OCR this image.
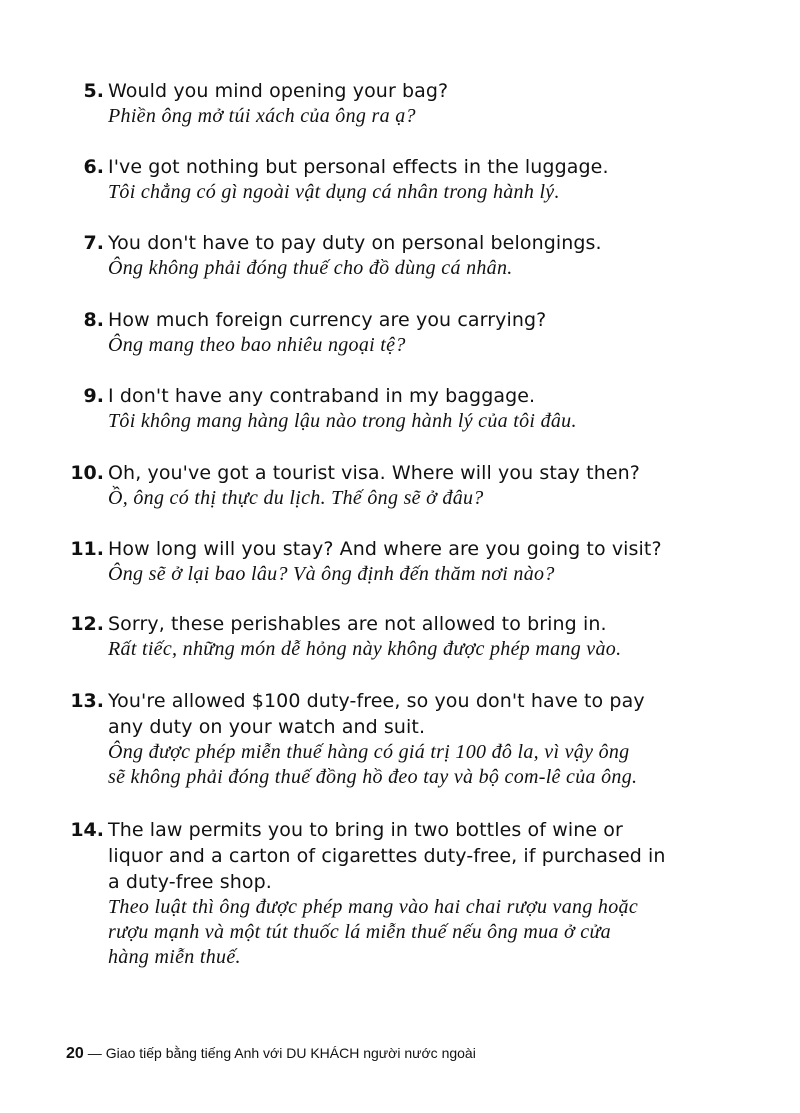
5. Would you mind opening your bag?
Phiền ông mở túi xách của ông ra ạ?
6. I've got nothing but personal effects in the luggage.
Tôi chẳng có gì ngoài vật dụng cá nhân trong hành lý.
7. You don't have to pay duty on personal belongings.
Ông không phải đóng thuế cho đồ dùng cá nhân.
8. How much foreign currency are you carrying?
Ông mang theo bao nhiêu ngoại tệ?
9. I don't have any contraband in my baggage.
Tôi không mang hàng lậu nào trong hành lý của tôi đâu.
10. Oh, you've got a tourist visa. Where will you stay then?
Ồ, ông có thị thực du lịch. Thế ông sẽ ở đâu?
11. How long will you stay? And where are you going to visit?
Ông sẽ ở lại bao lâu? Và ông định đến thăm nơi nào?
12. Sorry, these perishables are not allowed to bring in.
Rất tiếc, những món dễ hỏng này không được phép mang vào.
13. You're allowed $100 duty-free, so you don't have to pay
any duty on your watch and suit.
Ông được phép miễn thuế hàng có giá trị 100 đô la, vì vậy ông
sẽ không phải đóng thuế đồng hồ đeo tay và bộ com-lê của ông.
14. The law permits you to bring in two bottles of wine or
liquor and a carton of cigarettes duty-free, if purchased in
a duty-free shop.
Theo luật thì ông được phép mang vào hai chai rượu vang hoặc
rượu mạnh và một tút thuốc lá miễn thuế nếu ông mua ở cửa
hàng miễn thuế.
20 — Giao tiếp bằng tiếng Anh với DU KHÁCH người nước ngoài
